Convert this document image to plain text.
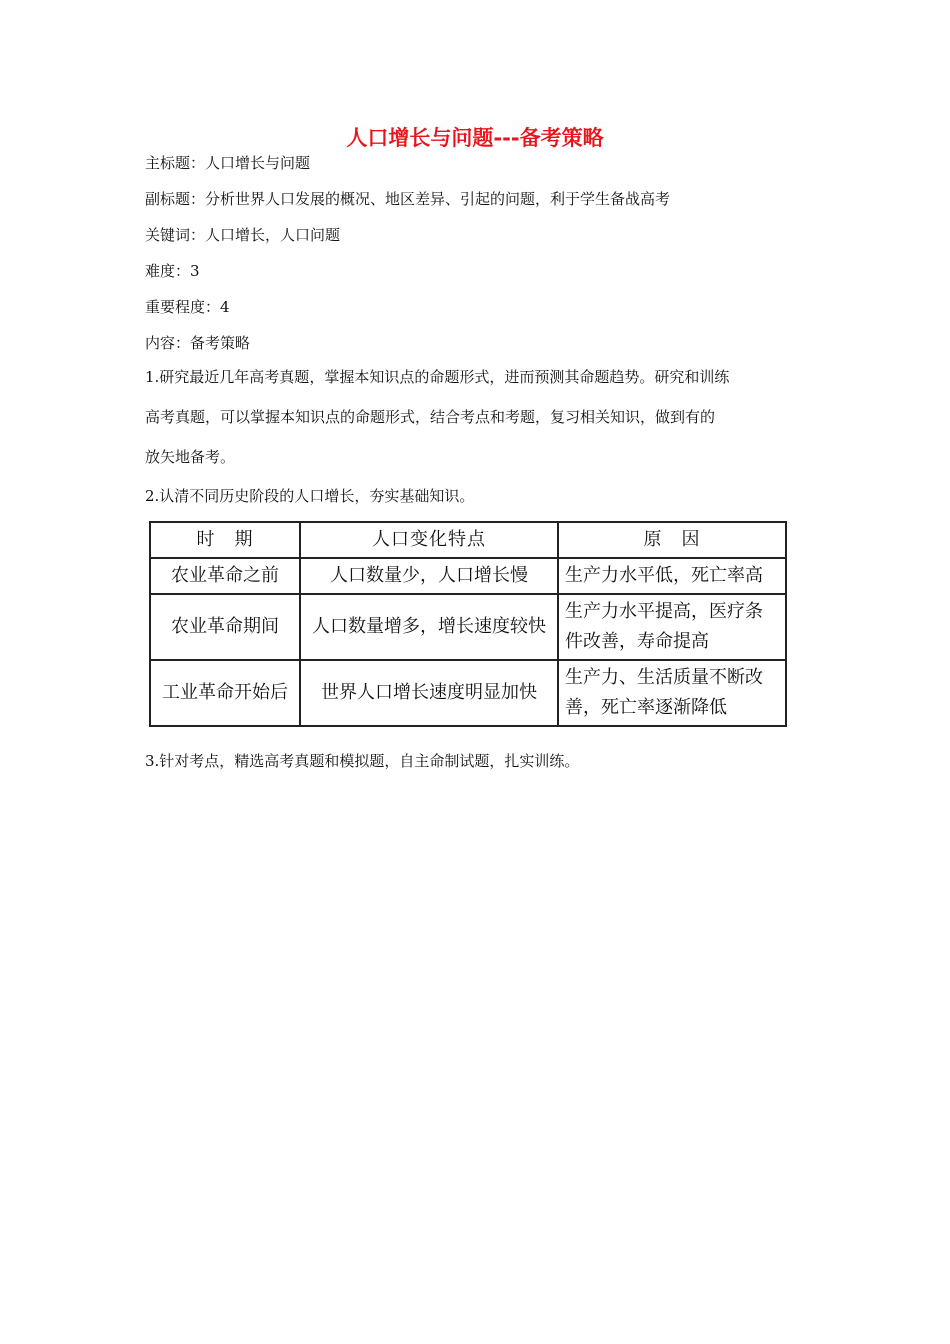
人口增长与问题---备考策略
主标题：人口增长与问题
副标题：分析世界人口发展的概况、地区差异、引起的问题，利于学生备战高考
关键词：人口增长，人口问题
难度：3
重要程度：4
内容：备考策略
1.研究最近几年高考真题，掌握本知识点的命题形式，进而预测其命题趋势。研究和训练
高考真题，可以掌握本知识点的命题形式，结合考点和考题，复习相关知识，做到有的
放矢地备考。
2.认清不同历史阶段的人口增长，夯实基础知识。
时　期	人口变化特点	原　因
农业革命之前	人口数量少，人口增长慢	生产力水平低，死亡率高
农业革命期间	人口数量增多，增长速度较快	生产力水平提高，医疗条件改善，寿命提高
工业革命开始后	世界人口增长速度明显加快	生产力、生活质量不断改善，死亡率逐渐降低
3.针对考点，精选高考真题和模拟题，自主命制试题，扎实训练。
